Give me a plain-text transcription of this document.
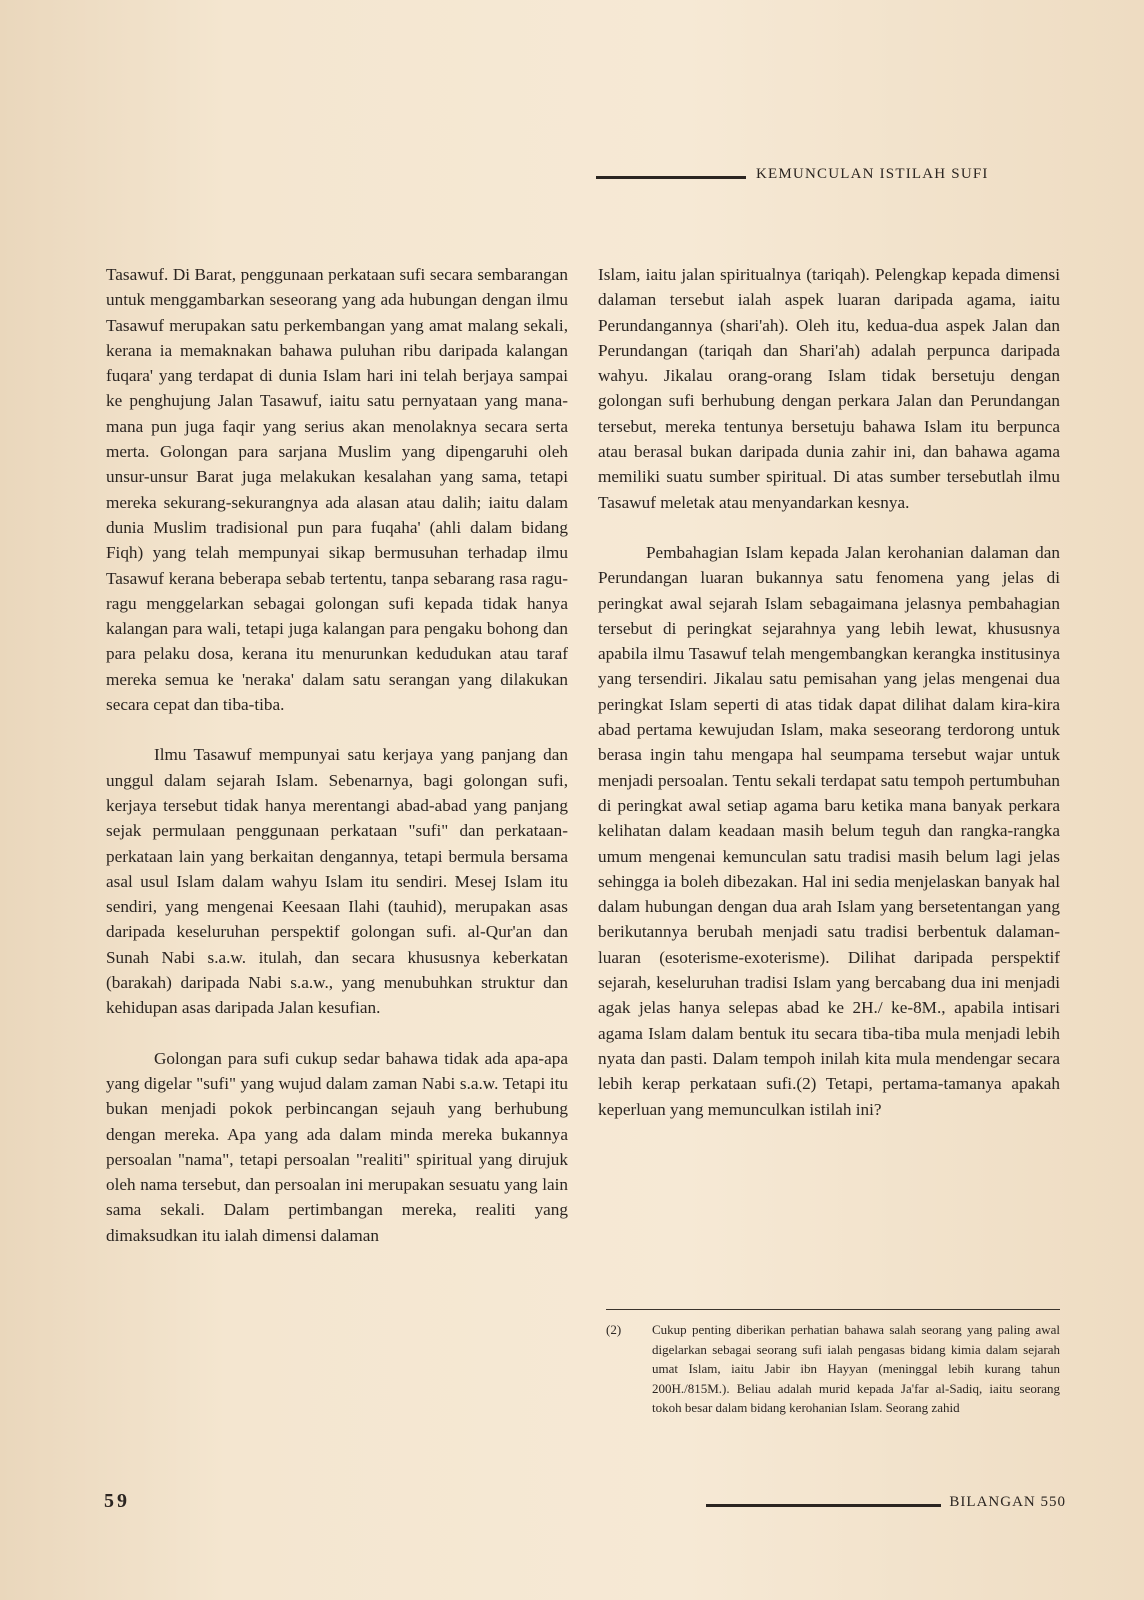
KEMUNCULAN ISTILAH SUFI

Tasawuf. Di Barat, penggunaan perkataan sufi secara sembarangan untuk menggambarkan seseorang yang ada hubungan dengan ilmu Tasawuf merupakan satu perkembangan yang amat malang sekali, kerana ia memaknakan bahawa puluhan ribu daripada kalangan fuqara' yang terdapat di dunia Islam hari ini telah berjaya sampai ke penghujung Jalan Tasawuf, iaitu satu pernyataan yang mana-mana pun juga faqir yang serius akan menolaknya secara serta merta. Golongan para sarjana Muslim yang dipengaruhi oleh unsur-unsur Barat juga melakukan kesalahan yang sama, tetapi mereka sekurang-sekurangnya ada alasan atau dalih; iaitu dalam dunia Muslim tradisional pun para fuqaha' (ahli dalam bidang Fiqh) yang telah mempunyai sikap bermusuhan terhadap ilmu Tasawuf kerana beberapa sebab tertentu, tanpa sebarang rasa ragu-ragu menggelarkan sebagai golongan sufi kepada tidak hanya kalangan para wali, tetapi juga kalangan para pengaku bohong dan para pelaku dosa, kerana itu menurunkan kedudukan atau taraf mereka semua ke 'neraka' dalam satu serangan yang dilakukan secara cepat dan tiba-tiba.

Ilmu Tasawuf mempunyai satu kerjaya yang panjang dan unggul dalam sejarah Islam. Sebenarnya, bagi golongan sufi, kerjaya tersebut tidak hanya merentangi abad-abad yang panjang sejak permulaan penggunaan perkataan "sufi" dan perkataan-perkataan lain yang berkaitan dengannya, tetapi bermula bersama asal usul Islam dalam wahyu Islam itu sendiri. Mesej Islam itu sendiri, yang mengenai Keesaan Ilahi (tauhid), merupakan asas daripada keseluruhan perspektif golongan sufi. al-Qur'an dan Sunah Nabi s.a.w. itulah, dan secara khususnya keberkatan (barakah) daripada Nabi s.a.w., yang menubuhkan struktur dan kehidupan asas daripada Jalan kesufian.

Golongan para sufi cukup sedar bahawa tidak ada apa-apa yang digelar "sufi" yang wujud dalam zaman Nabi s.a.w. Tetapi itu bukan menjadi pokok perbincangan sejauh yang berhubung dengan mereka. Apa yang ada dalam minda mereka bukannya persoalan "nama", tetapi persoalan "realiti" spiritual yang dirujuk oleh nama tersebut, dan persoalan ini merupakan sesuatu yang lain sama sekali. Dalam pertimbangan mereka, realiti yang dimaksudkan itu ialah dimensi dalaman

Islam, iaitu jalan spiritualnya (tariqah). Pelengkap kepada dimensi dalaman tersebut ialah aspek luaran daripada agama, iaitu Perundangannya (shari'ah). Oleh itu, kedua-dua aspek Jalan dan Perundangan (tariqah dan Shari'ah) adalah perpunca daripada wahyu. Jikalau orang-orang Islam tidak bersetuju dengan golongan sufi berhubung dengan perkara Jalan dan Perundangan tersebut, mereka tentunya bersetuju bahawa Islam itu berpunca atau berasal bukan daripada dunia zahir ini, dan bahawa agama memiliki suatu sumber spiritual. Di atas sumber tersebutlah ilmu Tasawuf meletak atau menyandarkan kesnya.

Pembahagian Islam kepada Jalan kerohanian dalaman dan Perundangan luaran bukannya satu fenomena yang jelas di peringkat awal sejarah Islam sebagaimana jelasnya pembahagian tersebut di peringkat sejarahnya yang lebih lewat, khususnya apabila ilmu Tasawuf telah mengembangkan kerangka institusinya yang tersendiri. Jikalau satu pemisahan yang jelas mengenai dua peringkat Islam seperti di atas tidak dapat dilihat dalam kira-kira abad pertama kewujudan Islam, maka seseorang terdorong untuk berasa ingin tahu mengapa hal seumpama tersebut wajar untuk menjadi persoalan. Tentu sekali terdapat satu tempoh pertumbuhan di peringkat awal setiap agama baru ketika mana banyak perkara kelihatan dalam keadaan masih belum teguh dan rangka-rangka umum mengenai kemunculan satu tradisi masih belum lagi jelas sehingga ia boleh dibezakan. Hal ini sedia menjelaskan banyak hal dalam hubungan dengan dua arah Islam yang bersetentangan yang berikutannya berubah menjadi satu tradisi berbentuk dalaman-luaran (esoterisme-exoterisme). Dilihat daripada perspektif sejarah, keseluruhan tradisi Islam yang bercabang dua ini menjadi agak jelas hanya selepas abad ke 2H./ ke-8M., apabila intisari agama Islam dalam bentuk itu secara tiba-tiba mula menjadi lebih nyata dan pasti. Dalam tempoh inilah kita mula mendengar secara lebih kerap perkataan sufi.(2) Tetapi, pertama-tamanya apakah keperluan yang memunculkan istilah ini?

(2)	Cukup penting diberikan perhatian bahawa salah seorang yang paling awal digelarkan sebagai seorang sufi ialah pengasas bidang kimia dalam sejarah umat Islam, iaitu Jabir ibn Hayyan (meninggal lebih kurang tahun 200H./815M.). Beliau adalah murid kepada Ja'far al-Sadiq, iaitu seorang tokoh besar dalam bidang kerohanian Islam. Seorang zahid
59	BILANGAN 550
